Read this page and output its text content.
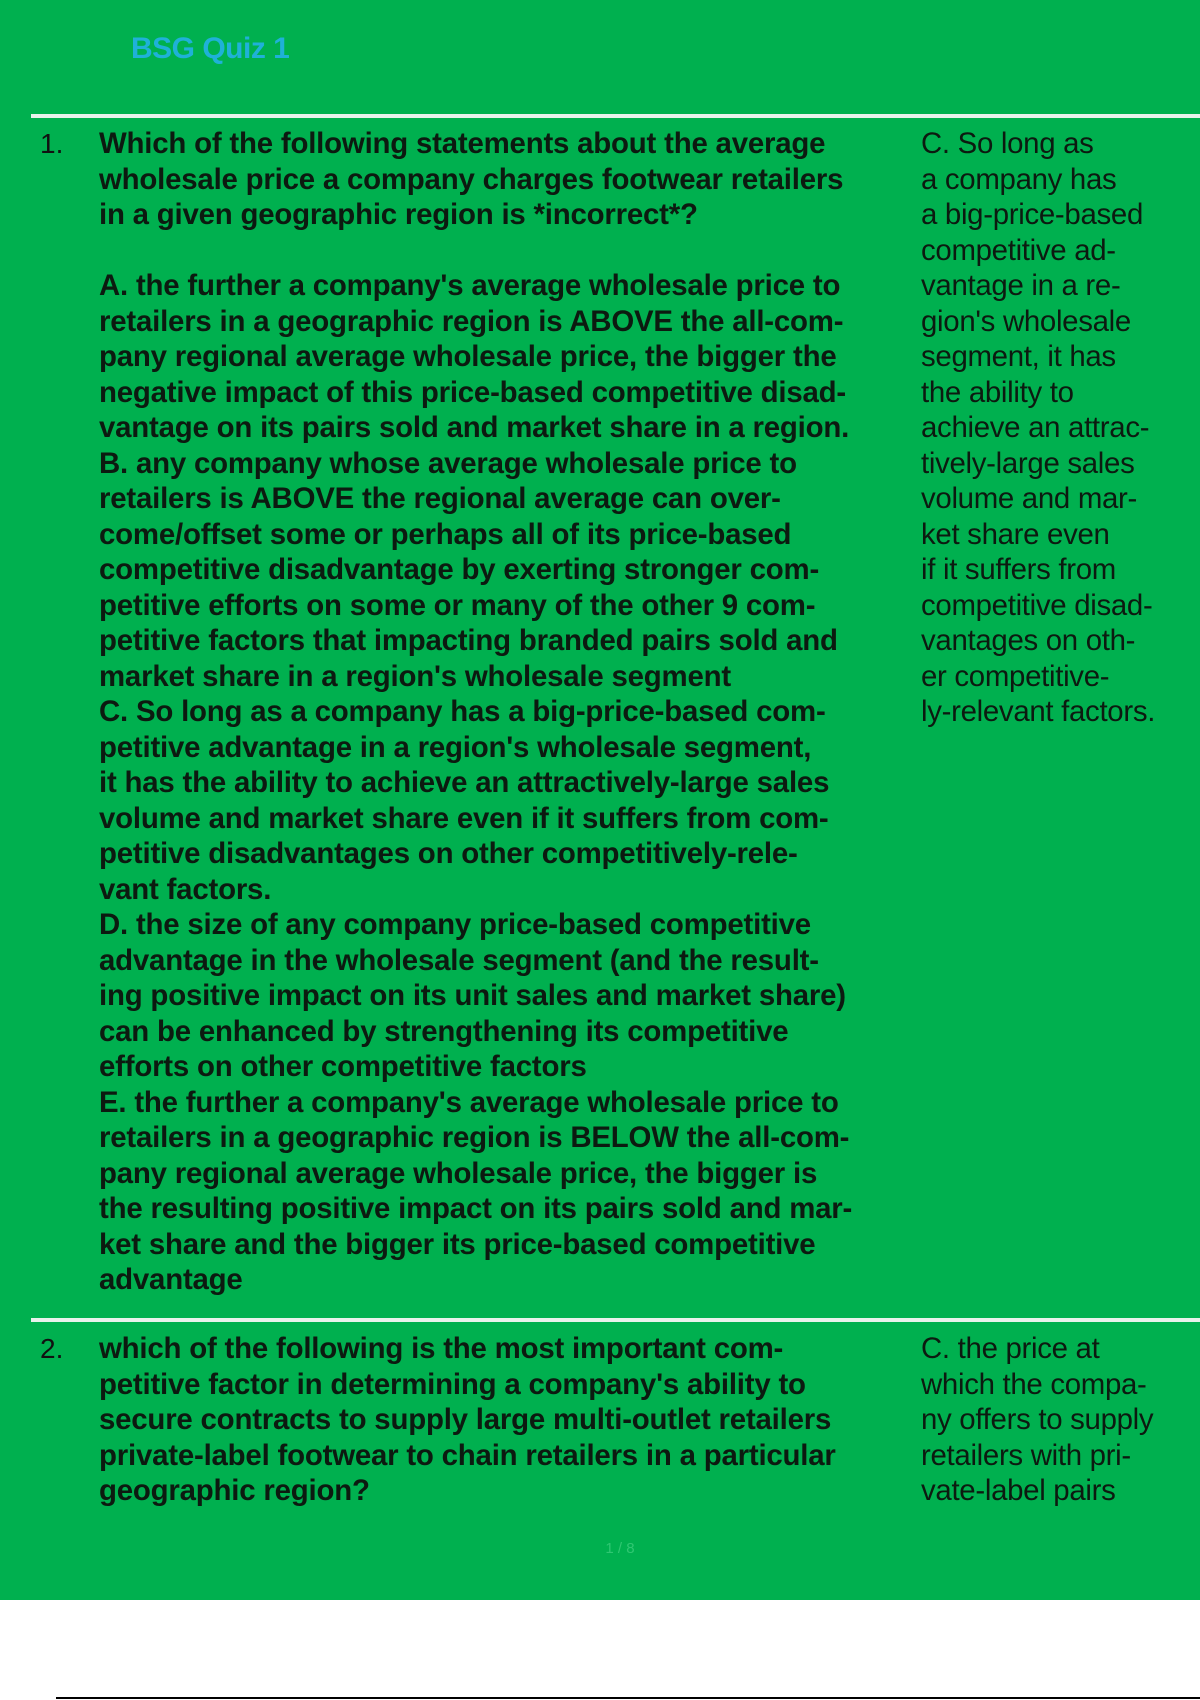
BSG Quiz 1
1. Which of the following statements about the average
wholesale price a company charges footwear retailers
in a given geographic region is *incorrect*?
A. the further a company's average wholesale price to
retailers in a geographic region is ABOVE the all-com-
pany regional average wholesale price, the bigger the
negative impact of this price-based competitive disad-
vantage on its pairs sold and market share in a region.
B. any company whose average wholesale price to
retailers is ABOVE the regional average can over-
come/offset some or perhaps all of its price-based
competitive disadvantage by exerting stronger com-
petitive efforts on some or many of the other 9 com-
petitive factors that impacting branded pairs sold and
market share in a region's wholesale segment
C. So long as a company has a big-price-based com-
petitive advantage in a region's wholesale segment,
it has the ability to achieve an attractively-large sales
volume and market share even if it suffers from com-
petitive disadvantages on other competitively-rele-
vant factors.
D. the size of any company price-based competitive
advantage in the wholesale segment (and the result-
ing positive impact on its unit sales and market share)
can be enhanced by strengthening its competitive
efforts on other competitive factors
E. the further a company's average wholesale price to
retailers in a geographic region is BELOW the all-com-
pany regional average wholesale price, the bigger is
the resulting positive impact on its pairs sold and mar-
ket share and the bigger its price-based competitive
advantage

C. So long as
a company has
a big-price-based
competitive ad-
vantage in a re-
gion's wholesale
segment, it has
the ability to
achieve an attrac-
tively-large sales
volume and mar-
ket share even
if it suffers from
competitive disad-
vantages on oth-
er competitive-
ly-relevant factors.

2. which of the following is the most important com-
petitive factor in determining a company's ability to
secure contracts to supply large multi-outlet retailers
private-label footwear to chain retailers in a particular
geographic region?

C. the price at
which the compa-
ny offers to supply
retailers with pri-
vate-label pairs

1 / 8
